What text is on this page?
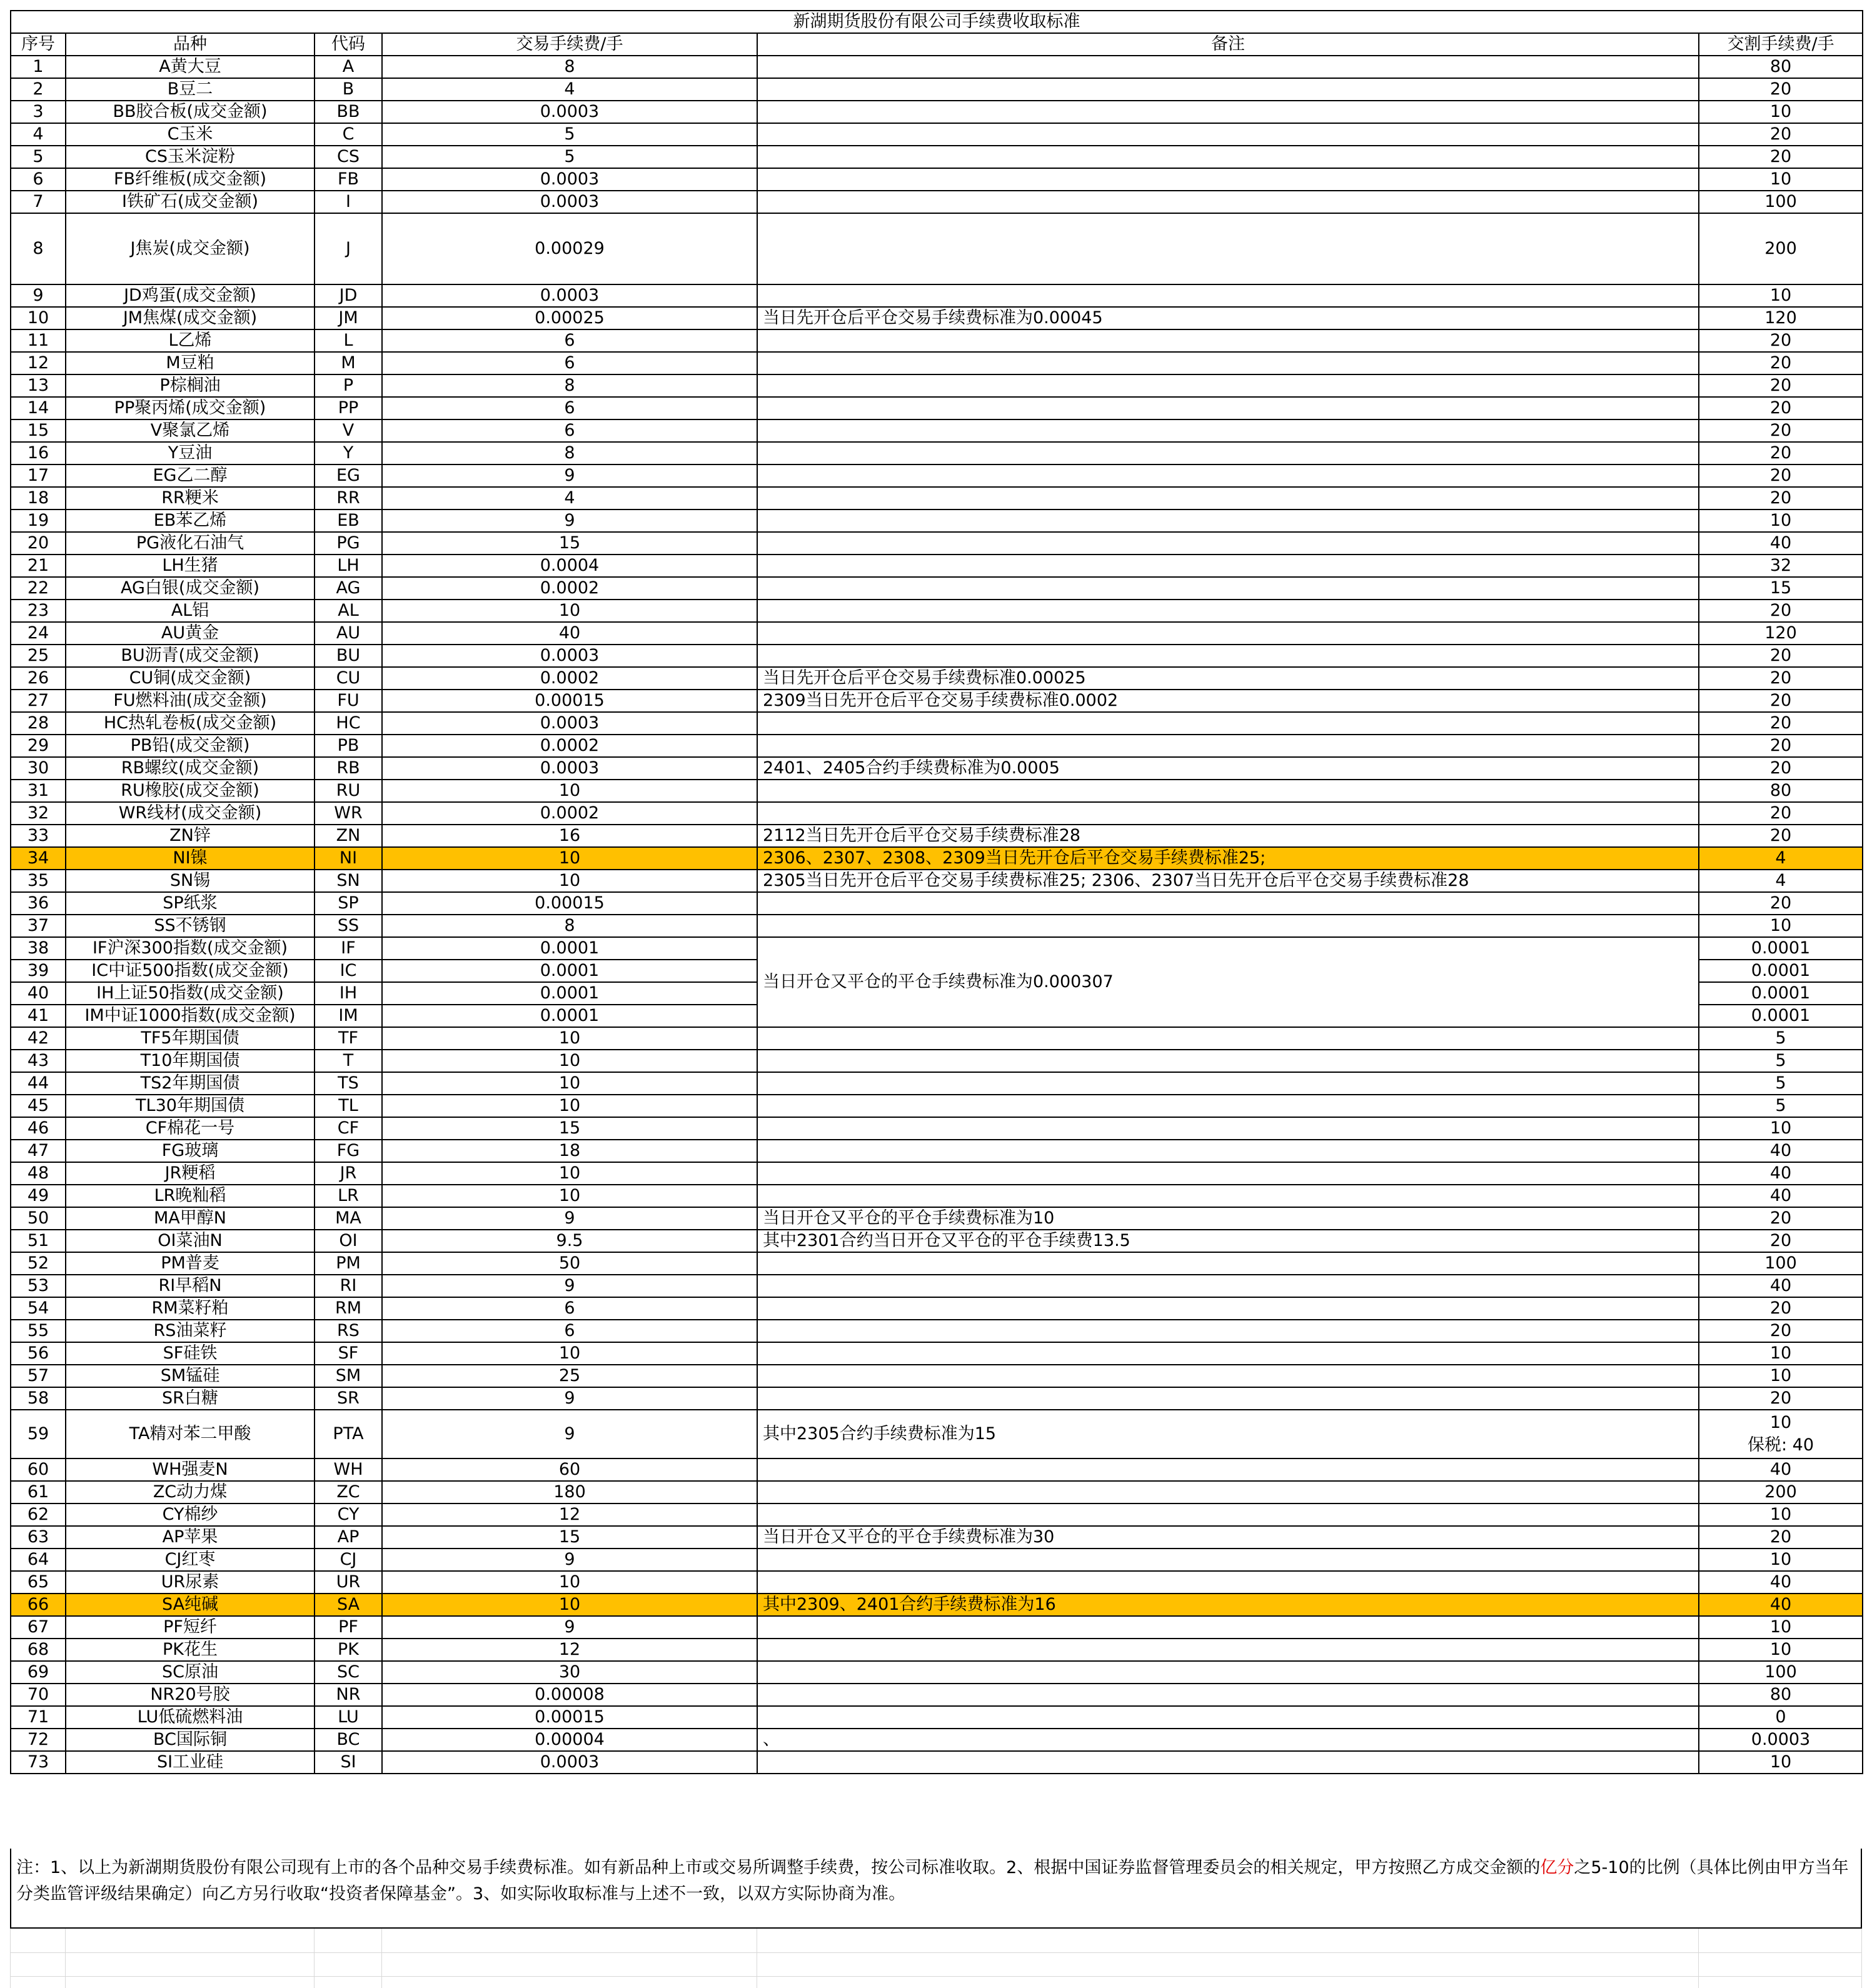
新湖期货股份有限公司手续费收取标准					
序号	品种	代码	交易手续费/手	备注	交割手续费/手
1	A黄大豆	A	8		80
2	B豆二	B	4		20
3	BB胶合板(成交金额)	BB	0.0003		10
4	C玉米	C	5		20
5	CS玉米淀粉	CS	5		20
6	FB纤维板(成交金额)	FB	0.0003		10
7	I铁矿石(成交金额)	I	0.0003		100
8	J焦炭(成交金额)	J	0.00029		200
9	JD鸡蛋(成交金额)	JD	0.0003		10
10	JM焦煤(成交金额)	JM	0.00025	当日先开仓后平仓交易手续费标准为0.00045	120
11	L乙烯	L	6		20
12	M豆粕	M	6		20
13	P棕榈油	P	8		20
14	PP聚丙烯(成交金额)	PP	6		20
15	V聚氯乙烯	V	6		20
16	Y豆油	Y	8		20
17	EG乙二醇	EG	9		20
18	RR粳米	RR	4		20
19	EB苯乙烯	EB	9		10
20	PG液化石油气	PG	15		40
21	LH生猪	LH	0.0004		32
22	AG白银(成交金额)	AG	0.0002		15
23	AL铝	AL	10		20
24	AU黄金	AU	40		120
25	BU沥青(成交金额)	BU	0.0003		20
26	CU铜(成交金额)	CU	0.0002	当日先开仓后平仓交易手续费标准0.00025	20
27	FU燃料油(成交金额)	FU	0.00015	2309当日先开仓后平仓交易手续费标准0.0002	20
28	HC热轧卷板(成交金额)	HC	0.0003		20
29	PB铅(成交金额)	PB	0.0002		20
30	RB螺纹(成交金额)	RB	0.0003	2401、2405合约手续费标准为0.0005	20
31	RU橡胶(成交金额)	RU	10		80
32	WR线材(成交金额)	WR	0.0002		20
33	ZN锌	ZN	16	2112当日先开仓后平仓交易手续费标准28	20
34	NI镍	NI	10	2306、2307、2308、2309当日先开仓后平仓交易手续费标准25;	4
35	SN锡	SN	10	2305当日先开仓后平仓交易手续费标准25; 2306、2307当日先开仓后平仓交易手续费标准28	4
36	SP纸浆	SP	0.00015		20
37	SS不锈钢	SS	8		10
38	IF沪深300指数(成交金额)	IF	0.0001	当日开仓又平仓的平仓手续费标准为0.000307	0.0001
39	IC中证500指数(成交金额)	IC	0.0001		0.0001
40	IH上证50指数(成交金额)	IH	0.0001		0.0001
41	IM中证1000指数(成交金额)	IM	0.0001		0.0001
42	TF5年期国债	TF	10		5
43	T10年期国债	T	10		5
44	TS2年期国债	TS	10		5
45	TL30年期国债	TL	10		5
46	CF棉花一号	CF	15		10
47	FG玻璃	FG	18		40
48	JR粳稻	JR	10		40
49	LR晚籼稻	LR	10		40
50	MA甲醇N	MA	9	当日开仓又平仓的平仓手续费标准为10	20
51	OI菜油N	OI	9.5	其中2301合约当日开仓又平仓的平仓手续费13.5	20
52	PM普麦	PM	50		100
53	RI早稻N	RI	9		40
54	RM菜籽粕	RM	6		20
55	RS油菜籽	RS	6		20
56	SF硅铁	SF	10		10
57	SM锰硅	SM	25		10
58	SR白糖	SR	9		20
59	TA精对苯二甲酸	PTA	9	其中2305合约手续费标准为15	10
保税: 40

60	WH强麦N	WH	60		40
61	ZC动力煤	ZC	180		200
62	CY棉纱	CY	12		10
63	AP苹果	AP	15	当日开仓又平仓的平仓手续费标准为30	20
64	CJ红枣	CJ	9		10
65	UR尿素	UR	10		40
66	SA纯碱	SA	10	其中2309、2401合约手续费标准为16	40
67	PF短纤	PF	9		10
68	PK花生	PK	12		10
69	SC原油	SC	30		100
70	NR20号胶	NR	0.00008		80
71	LU低硫燃料油	LU	0.00015		0
72	BC国际铜	BC	0.00004	、	0.0003
73	SI工业硅	SI	0.0003		10
注：1、以上为新湖期货股份有限公司现有上市的各个品种交易手续费标准。如有新品种上市或交易所调整手续费，按公司标准收取。2、根据中国证券监督管理委员会的相关规定，甲方按照乙方成交金额的亿分之5-10的比例（具体比例由甲方当年分类监管评级结果确定）向乙方另行收取“投资者保障基金”。3、如实际收取标准与上述不一致，以双方实际协商为准。
